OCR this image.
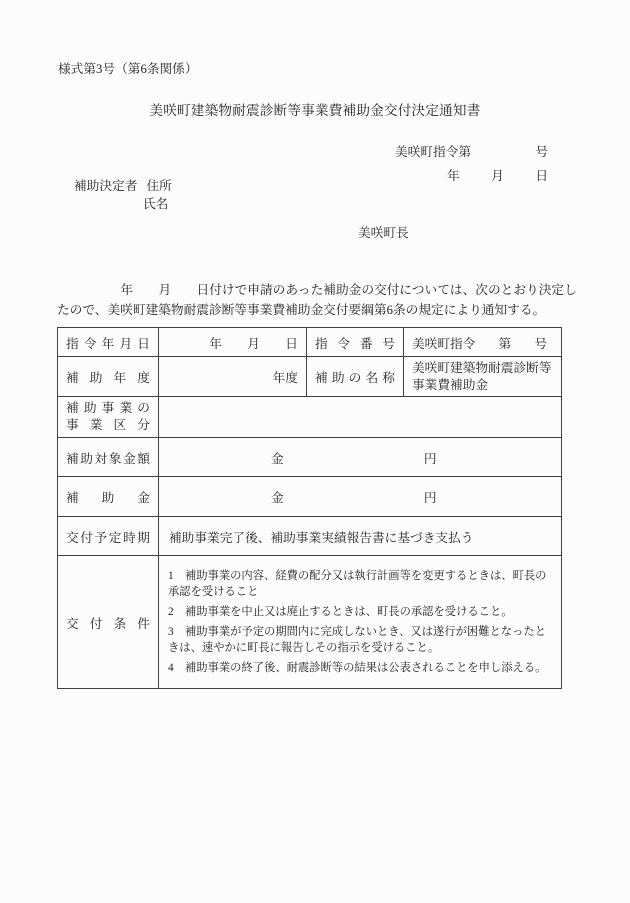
様式第3号（第6条関係）
美咲町建築物耐震診断等事業費補助金交付決定通知書
美咲町指令第	号
年 月 日
補助決定者 住所
氏名
美咲町長
　　　　　年　　月　　日付けで申請のあった補助金の交付については、次のとおり決定し
たので、美咲町建築物耐震診断等事業費補助金交付要綱第6条の規定により通知する。
指令年月日	年　　月　　日	指令番号	美咲町指令 第 号

補助年度	年度	補助の名称	美咲町建築物耐震診断等事業費補助金

補助事業の
事業区分			

補助対象金額	金 円		

補助金	金 円		

交付予定時期	補助事業完了後、補助事業実績報告書に基づき支払う		

交付条件	1　補助事業の内容、経費の配分又は執行計画等を変更するときは、町長の承認を受けること
2　補助事業を中止又は廃止するときは、町長の承認を受けること。
3　補助事業が予定の期間内に完成しないとき、又は遂行が困難となったときは、速やかに町長に報告しその指示を受けること。
4　補助事業の終了後、耐震診断等の結果は公表されることを申し添える。		
